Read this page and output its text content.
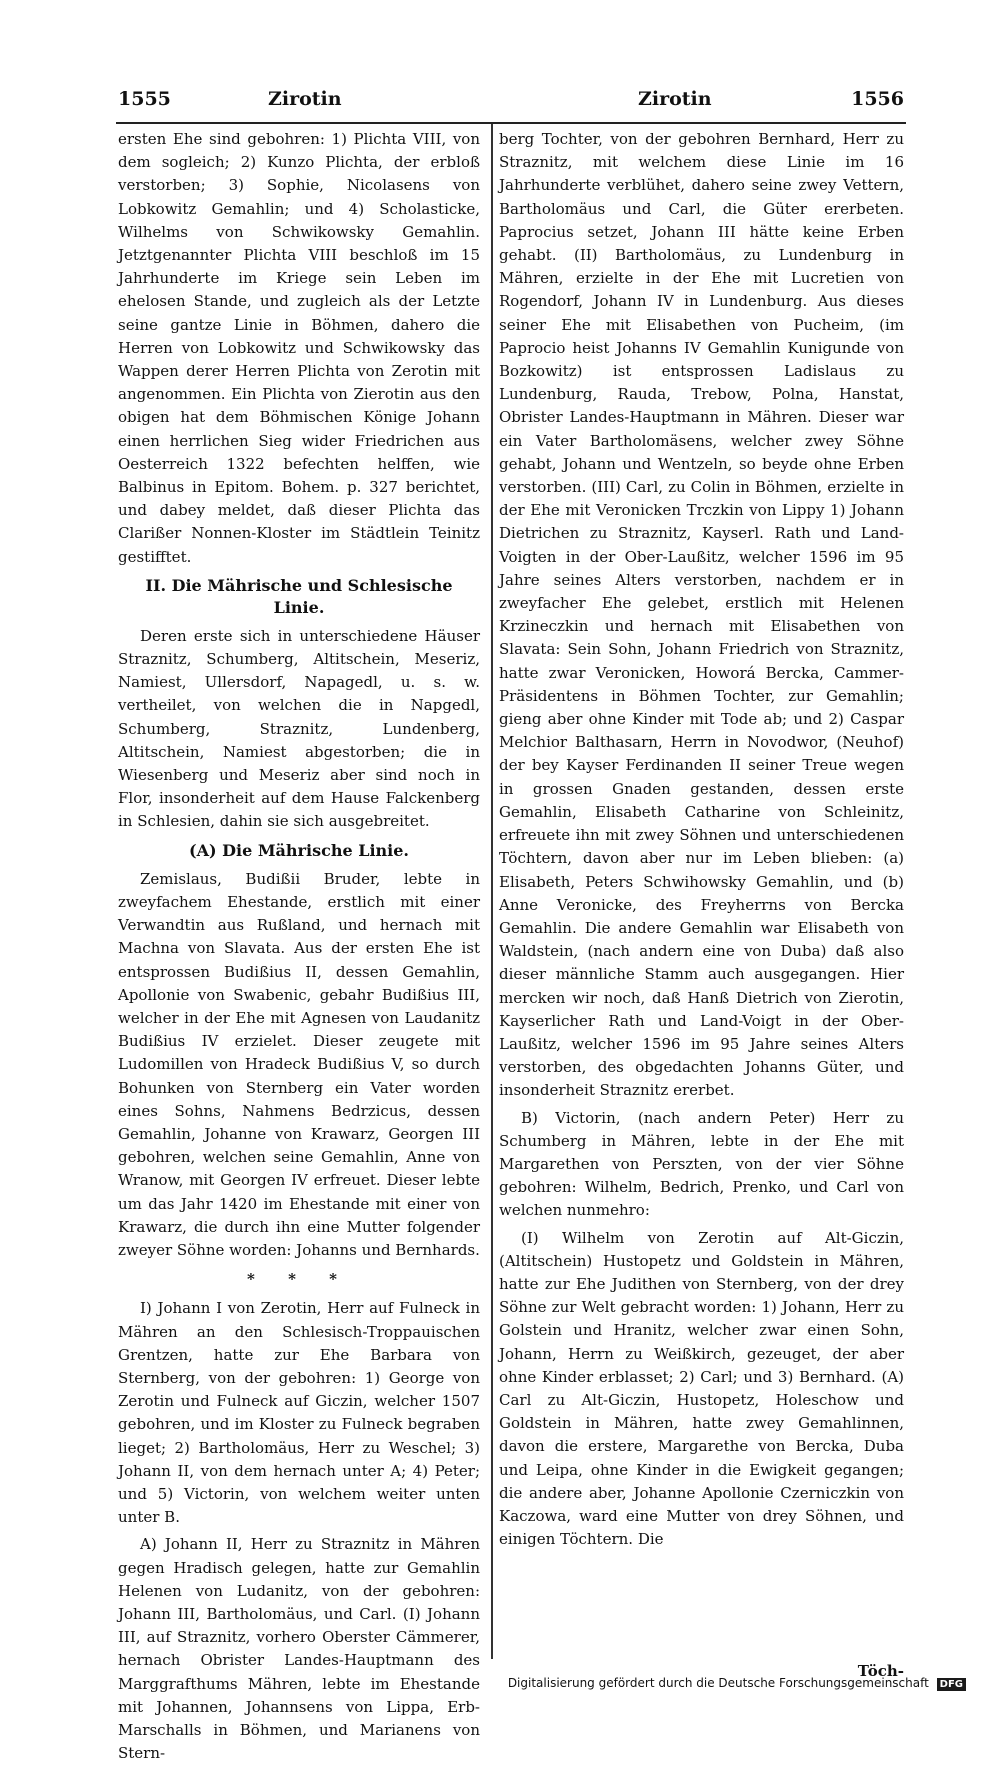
1555	Zirotin	Zirotin	1556

ersten Ehe sind gebohren: 1) Plichta VIII, von dem sogleich; 2) Kunzo Plichta, der erbloß verstorben; 3) Sophie, Nicolasens von Lobkowitz Gemahlin; und 4) Scholasticke, Wilhelms von Schwikowsky Gemahlin. Jetztgenannter Plichta VIII beschloß im 15 Jahrhunderte im Kriege sein Leben im ehelosen Stande, und zugleich als der Letzte seine gantze Linie in Böhmen, dahero die Herren von Lobkowitz und Schwikowsky das Wappen derer Herren Plichta von Zerotin mit angenommen. Ein Plichta von Zierotin aus den obigen hat dem Böhmischen Könige Johann einen herrlichen Sieg wider Friedrichen aus Oesterreich 1322 befechten helffen, wie Balbinus in Epitom. Bohem. p. 327 berichtet, und dabey meldet, daß dieser Plichta das Clarißer Nonnen-Kloster im Städtlein Teinitz gestifftet.

II. Die Mährische und Schlesische Linie.

Deren erste sich in unterschiedene Häuser Straznitz, Schumberg, Altitschein, Meseriz, Namiest, Ullersdorf, Napagedl, u. s. w. vertheilet, von welchen die in Napgedl, Schumberg, Straznitz, Lundenberg, Altitschein, Namiest abgestorben; die in Wiesenberg und Meseriz aber sind noch in Flor, insonderheit auf dem Hause Falckenberg in Schlesien, dahin sie sich ausgebreitet.

(A) Die Mährische Linie.

Zemislaus, Budißii Bruder, lebte in zweyfachem Ehestande, erstlich mit einer Verwandtin aus Rußland, und hernach mit Machna von Slavata. Aus der ersten Ehe ist entsprossen Budißius II, dessen Gemahlin, Apollonie von Swabenic, gebahr Budißius III, welcher in der Ehe mit Agnesen von Laudanitz Budißius IV erzielet. Dieser zeugete mit Ludomillen von Hradeck Budißius V, so durch Bohunken von Sternberg ein Vater worden eines Sohns, Nahmens Bedrzicus, dessen Gemahlin, Johanne von Krawarz, Georgen III gebohren, welchen seine Gemahlin, Anne von Wranow, mit Georgen IV erfreuet. Dieser lebte um das Jahr 1420 im Ehestande mit einer von Krawarz, die durch ihn eine Mutter folgender zweyer Söhne worden: Johanns und Bernhards.

* * *

I) Johann I von Zerotin, Herr auf Fulneck in Mähren an den Schlesisch-Troppauischen Grentzen, hatte zur Ehe Barbara von Sternberg, von der gebohren: 1) George von Zerotin und Fulneck auf Giczin, welcher 1507 gebohren, und im Kloster zu Fulneck begraben lieget; 2) Bartholomäus, Herr zu Weschel; 3) Johann II, von dem hernach unter A; 4) Peter; und 5) Victorin, von welchem weiter unten unter B.

A) Johann II, Herr zu Straznitz in Mähren gegen Hradisch gelegen, hatte zur Gemahlin Helenen von Ludanitz, von der gebohren: Johann III, Bartholomäus, und Carl. (I) Johann III, auf Straznitz, vorhero Oberster Cämmerer, hernach Obrister Landes-Hauptmann des Marggrafthums Mähren, lebte im Ehestande mit Johannen, Johannsens von Lippa, Erb-Marschalls in Böhmen, und Marianens von Stern-

berg Tochter, von der gebohren Bernhard, Herr zu Straznitz, mit welchem diese Linie im 16 Jahrhunderte verblühet, dahero seine zwey Vettern, Bartholomäus und Carl, die Güter ererbeten. Paprocius setzet, Johann III hätte keine Erben gehabt. (II) Bartholomäus, zu Lundenburg in Mähren, erzielte in der Ehe mit Lucretien von Rogendorf, Johann IV in Lundenburg. Aus dieses seiner Ehe mit Elisabethen von Pucheim, (im Paprocio heist Johanns IV Gemahlin Kunigunde von Bozkowitz) ist entsprossen Ladislaus zu Lundenburg, Rauda, Trebow, Polna, Hanstat, Obrister Landes-Hauptmann in Mähren. Dieser war ein Vater Bartholomäsens, welcher zwey Söhne gehabt, Johann und Wentzeln, so beyde ohne Erben verstorben. (III) Carl, zu Colin in Böhmen, erzielte in der Ehe mit Veronicken Trczkin von Lippy 1) Johann Dietrichen zu Straznitz, Kayserl. Rath und Land-Voigten in der Ober-Laußitz, welcher 1596 im 95 Jahre seines Alters verstorben, nachdem er in zweyfacher Ehe gelebet, erstlich mit Helenen Krzineczkin und hernach mit Elisabethen von Slavata: Sein Sohn, Johann Friedrich von Straznitz, hatte zwar Veronicken, Howorá Bercka, Cammer-Präsidentens in Böhmen Tochter, zur Gemahlin; gieng aber ohne Kinder mit Tode ab; und 2) Caspar Melchior Balthasarn, Herrn in Novodwor, (Neuhof) der bey Kayser Ferdinanden II seiner Treue wegen in grossen Gnaden gestanden, dessen erste Gemahlin, Elisabeth Catharine von Schleinitz, erfreuete ihn mit zwey Söhnen und unterschiedenen Töchtern, davon aber nur im Leben blieben: (a) Elisabeth, Peters Schwihowsky Gemahlin, und (b) Anne Veronicke, des Freyherrns von Bercka Gemahlin. Die andere Gemahlin war Elisabeth von Waldstein, (nach andern eine von Duba) daß also dieser männliche Stamm auch ausgegangen. Hier mercken wir noch, daß Hanß Dietrich von Zierotin, Kayserlicher Rath und Land-Voigt in der Ober-Laußitz, welcher 1596 im 95 Jahre seines Alters verstorben, des obgedachten Johanns Güter, und insonderheit Straznitz ererbet.

B) Victorin, (nach andern Peter) Herr zu Schumberg in Mähren, lebte in der Ehe mit Margarethen von Perszten, von der vier Söhne gebohren: Wilhelm, Bedrich, Prenko, und Carl von welchen nunmehro:

(I) Wilhelm von Zerotin auf Alt-Giczin, (Altitschein) Hustopetz und Goldstein in Mähren, hatte zur Ehe Judithen von Sternberg, von der drey Söhne zur Welt gebracht worden: 1) Johann, Herr zu Golstein und Hranitz, welcher zwar einen Sohn, Johann, Herrn zu Weißkirch, gezeuget, der aber ohne Kinder erblasset; 2) Carl; und 3) Bernhard. (A) Carl zu Alt-Giczin, Hustopetz, Holeschow und Goldstein in Mähren, hatte zwey Gemahlinnen, davon die erstere, Margarethe von Bercka, Duba und Leipa, ohne Kinder in die Ewigkeit gegangen; die andere aber, Johanne Apollonie Czerniczkin von Kaczowa, ward eine Mutter von drey Söhnen, und einigen Töchtern. Die

Töch-
Digitalisierung gefördert durch die Deutsche Forschungsgemeinschaft DFG
